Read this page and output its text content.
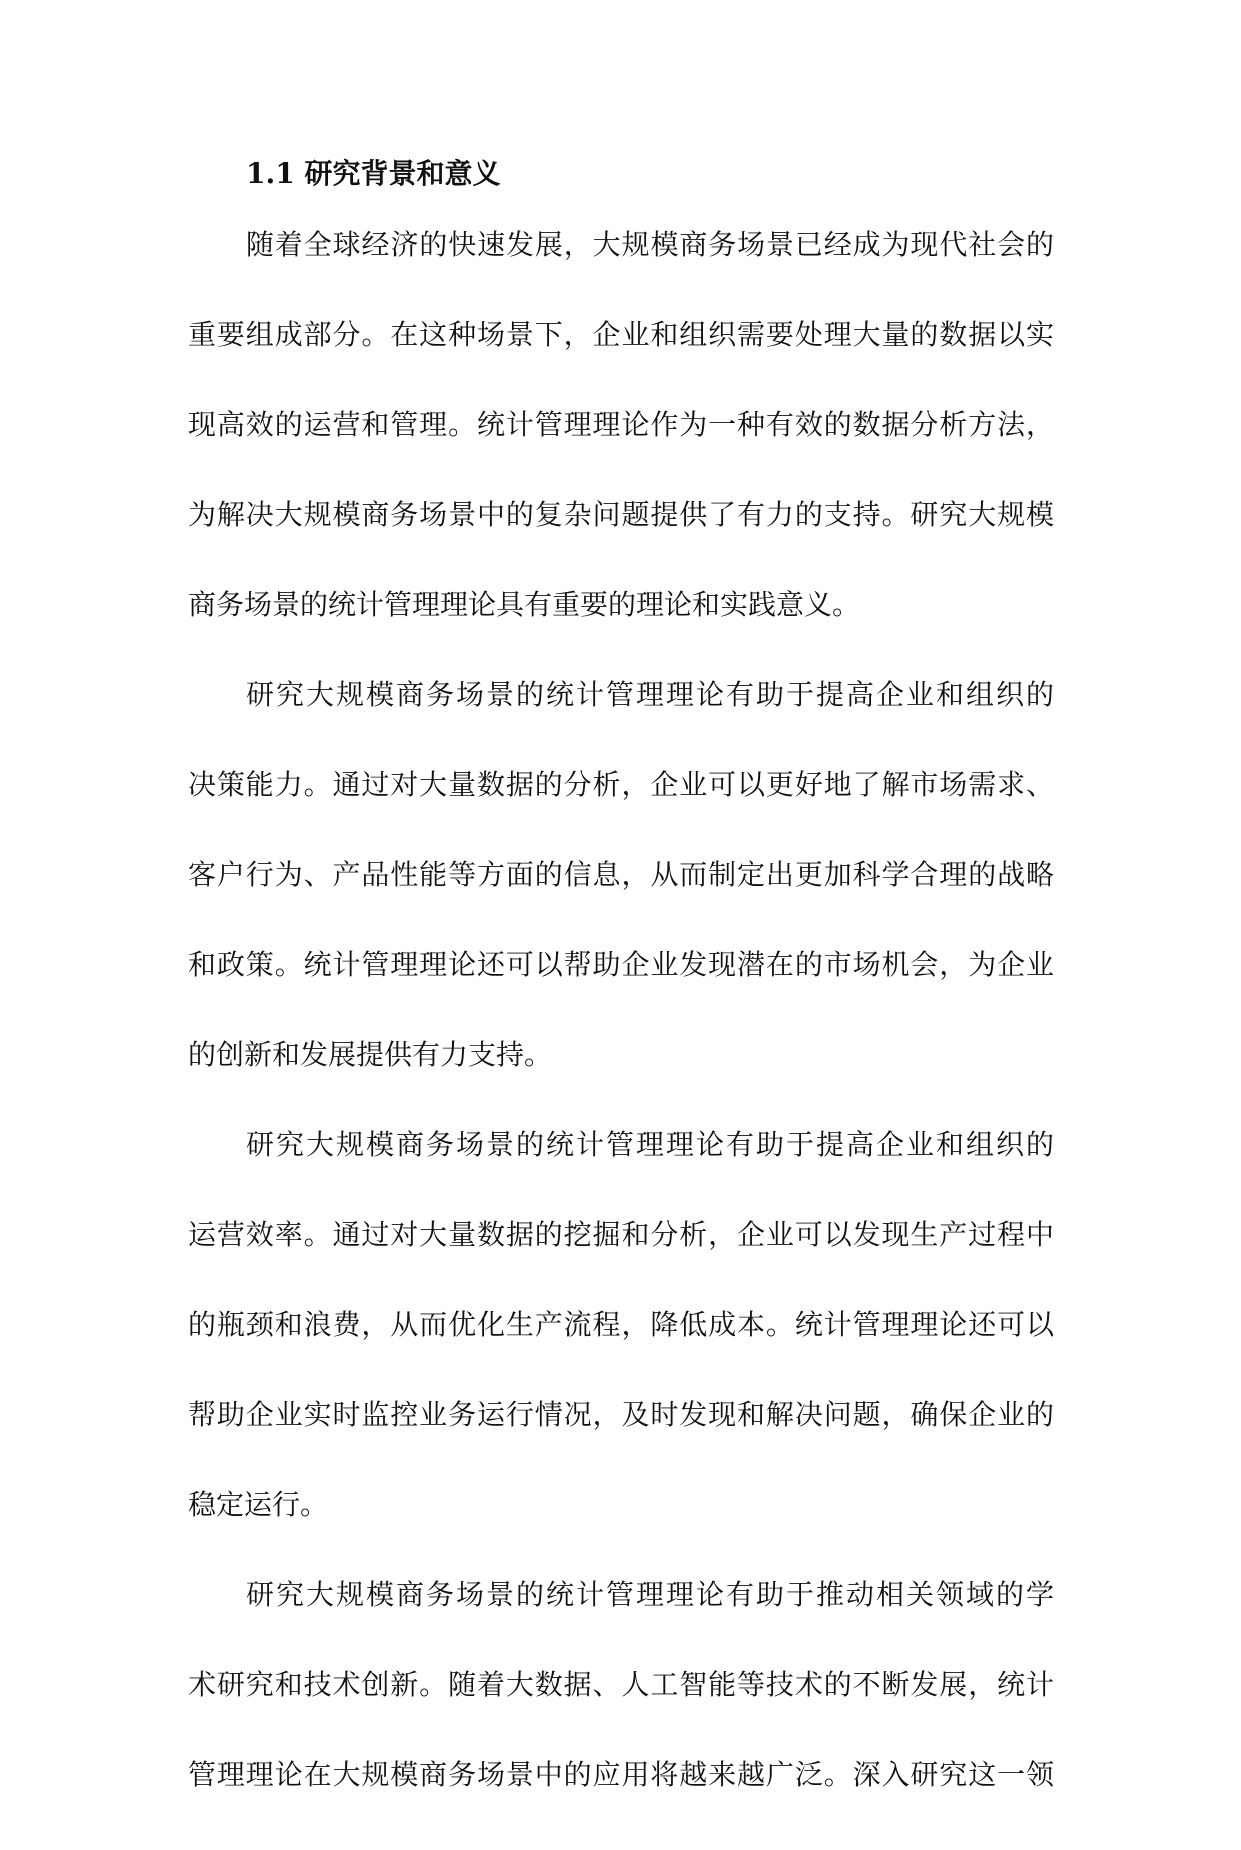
1.1 研究背景和意义
随着全球经济的快速发展，大规模商务场景已经成为现代社会的
重要组成部分。在这种场景下，企业和组织需要处理大量的数据以实
现高效的运营和管理。统计管理理论作为一种有效的数据分析方法，
为解决大规模商务场景中的复杂问题提供了有力的支持。研究大规模
商务场景的统计管理理论具有重要的理论和实践意义。
研究大规模商务场景的统计管理理论有助于提高企业和组织的
决策能力。通过对大量数据的分析，企业可以更好地了解市场需求、
客户行为、产品性能等方面的信息，从而制定出更加科学合理的战略
和政策。统计管理理论还可以帮助企业发现潜在的市场机会，为企业
的创新和发展提供有力支持。
研究大规模商务场景的统计管理理论有助于提高企业和组织的
运营效率。通过对大量数据的挖掘和分析，企业可以发现生产过程中
的瓶颈和浪费，从而优化生产流程，降低成本。统计管理理论还可以
帮助企业实时监控业务运行情况，及时发现和解决问题，确保企业的
稳定运行。
研究大规模商务场景的统计管理理论有助于推动相关领域的学
术研究和技术创新。随着大数据、人工智能等技术的不断发展，统计
管理理论在大规模商务场景中的应用将越来越广泛。深入研究这一领
